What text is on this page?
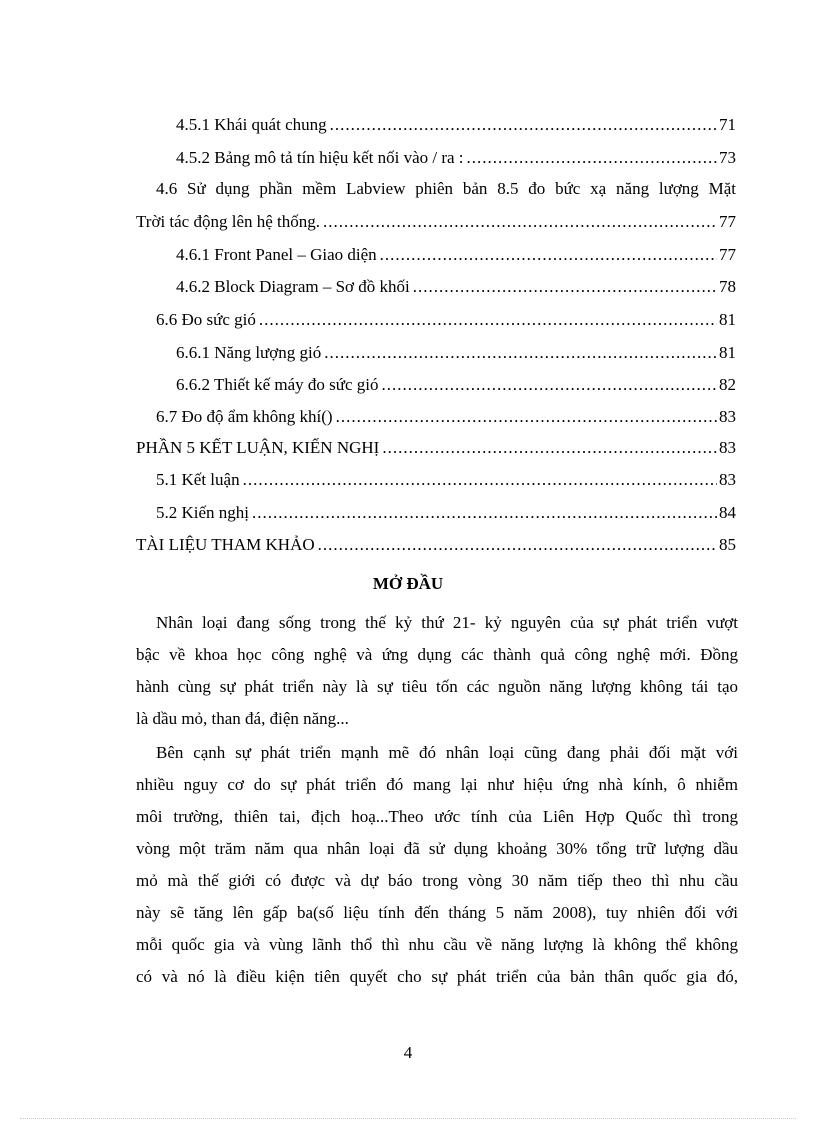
4.5.1 Khái quát chung .....	71
4.5.2 Bảng mô tả tín hiệu kết nối vào / ra : .....	73
4.6 Sử dụng phần mềm Labview phiên bản 8.5 đo bức xạ năng lượng Mặt
Trời tác động lên hệ thống. .....	77
4.6.1 Front Panel – Giao diện .....	77
4.6.2 Block Diagram – Sơ đồ khối .....	78
6.6 Đo sức gió .....	81
6.6.1 Năng lượng gió .....	81
6.6.2 Thiết kế máy đo sức gió .....	82
6.7 Đo độ ẩm không khí() .....	83
PHẦN 5 KẾT LUẬN, KIẾN NGHỊ .....	83
5.1 Kết luận .....	83
5.2 Kiến nghị .....	84
TÀI LIỆU THAM KHẢO .....	85
MỞ ĐẦU
Nhân loại đang sống trong thế kỷ thứ 21- kỷ nguyên của sự phát triển vượt
bậc về khoa học công nghệ và ứng dụng các thành quả công nghệ mới. Đồng
hành cùng sự phát triển này là sự tiêu tốn các nguồn năng lượng không tái tạo
là dầu mỏ, than đá, điện năng...
Bên cạnh sự phát triển mạnh mẽ đó nhân loại cũng đang phải đối mặt với
nhiều nguy cơ do sự phát triển đó mang lại như hiệu ứng nhà kính, ô nhiễm
môi trường, thiên tai, địch hoạ...Theo ước tính của Liên Hợp Quốc thì trong
vòng một trăm năm qua nhân loại đã sử dụng khoảng 30% tổng trữ lượng dầu
mỏ mà thế giới có được và dự báo trong vòng 30 năm tiếp theo thì nhu cầu
này sẽ tăng lên gấp ba(số liệu tính đến tháng 5 năm 2008), tuy nhiên đối với
mỗi quốc gia và vùng lãnh thổ thì nhu cầu về năng lượng là không thể không
có và nó là điều kiện tiên quyết cho sự phát triển của bản thân quốc gia đó,
4
